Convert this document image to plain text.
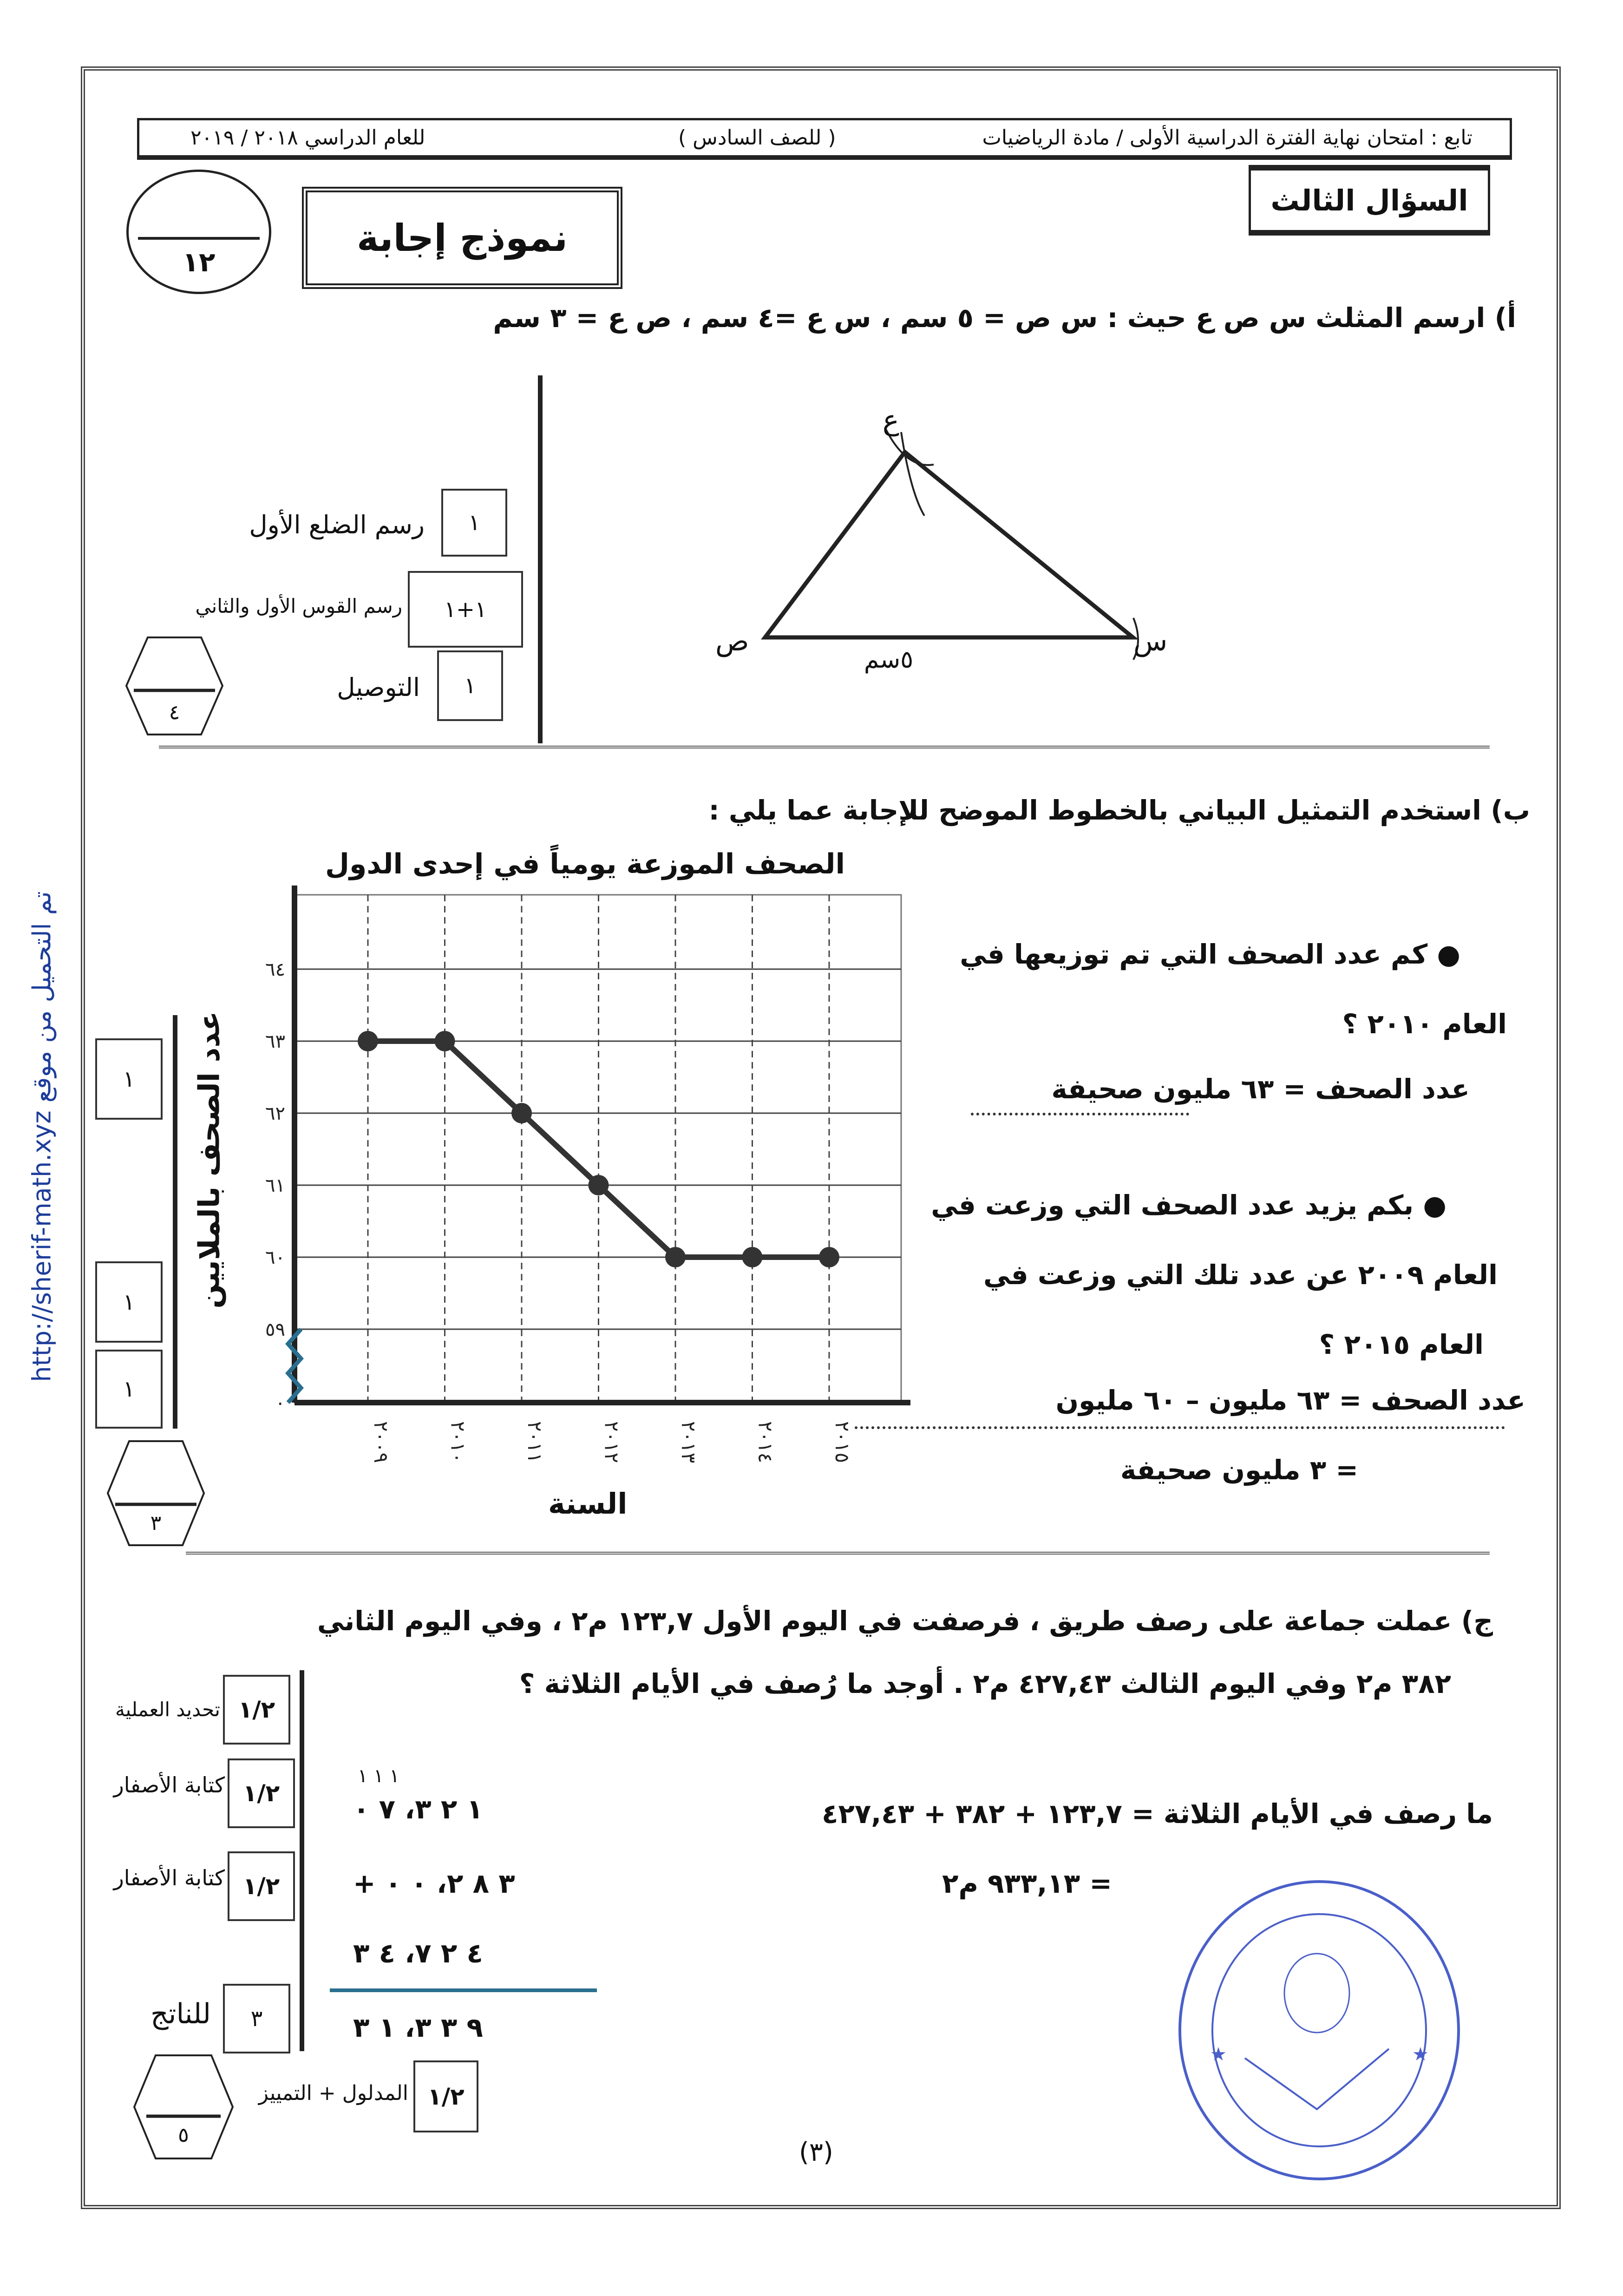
http://sherif-math.xyz تم التحميل من موقع
تابع : امتحان نهاية الفترة الدراسية الأولى / مادة الرياضيات
( للصف السادس )
للعام الدراسي ٢٠١٨ / ٢٠١٩
١٢
نموذج إجابة
السؤال الثالث
أ) ارسم المثلث س ص ع حيث : س ص = ٥ سم ، س ع =٤ سم ، ص ع = ٣ سم
١
رسم الضلع الأول
١+١
رسم القوس الأول والثاني
١
التوصيل
٤
ع
ص	س
٥سم
ب) استخدم التمثيل البياني بالخطوط الموضح للإجابة عما يلي :
الصحف الموزعة يومياً في إحدى الدول
٠
٥٩
٦٠
٦١
٦٢
٦٣
٦٤
٢٠٠٩	٢٠١٠	٢٠١١	٢٠١٢	٢٠١٣	٢٠١٤	٢٠١٥
عدد الصحف بالملايين
السنة
● كم عدد الصحف التي تم توزيعها في
العام ٢٠١٠ ؟
عدد الصحف = ٦٣ مليون صحيفة
● بكم يزيد عدد الصحف التي وزعت في
العام ٢٠٠٩ عن عدد تلك التي وزعت في
العام ٢٠١٥ ؟
عدد الصحف = ٦٣ مليون – ٦٠ مليون
= ٣ مليون صحيفة
١
١
١
٣
ج) عملت جماعة على رصف طريق ، فرصفت في اليوم الأول ١٢٣,٧ م٢ ، وفي اليوم الثاني
٣٨٢ م٢ وفي اليوم الثالث ٤٢٧,٤٣ م٢ . أوجد ما رُصف في الأيام الثلاثة ؟
ما رصف في الأيام الثلاثة = ١٢٣,٧ + ٣٨٢ + ٤٢٧,٤٣
= ٩٣٣,١٣ م٢
١ ١ ١
١ ٢ ٣، ٧ ٠
+ ٣ ٨ ٢، ٠ ٠
٤ ٢ ٧، ٤ ٣
٩ ٣ ٣، ١ ٣
١/٢
تحديد العملية
١/٢
كتابة الأصفار
١/٢
كتابة الأصفار
٣
للناتج
١/٢
المدلول + التمييز
٥
★	★
(٣)
